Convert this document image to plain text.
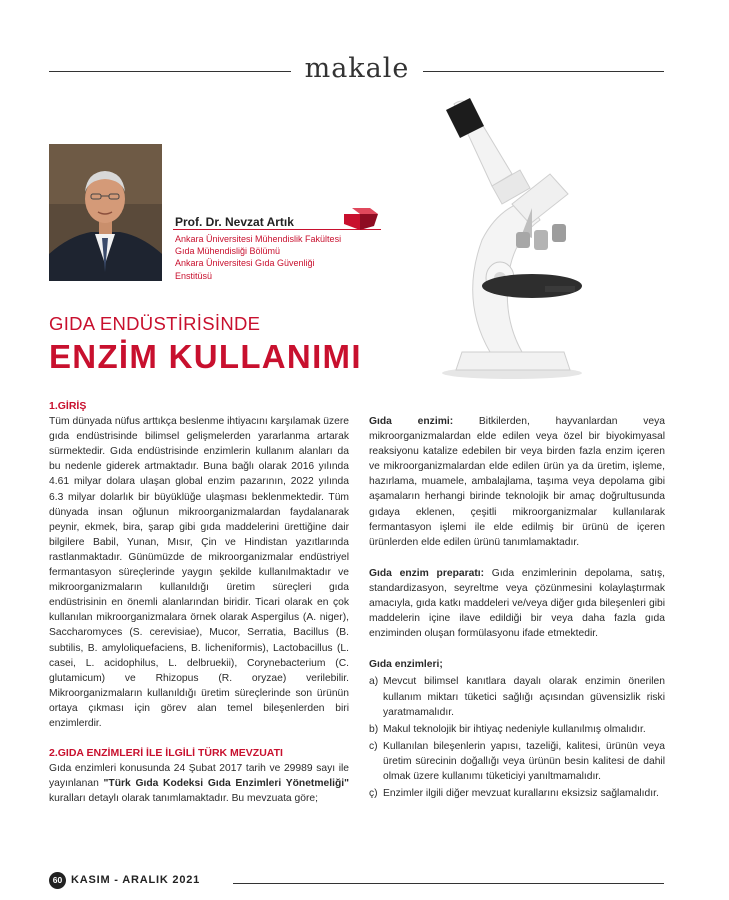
makale
Prof. Dr. Nevzat Artık
Ankara Üniversitesi Mühendislik Fakültesi
Gıda Mühendisliği Bölümü
Ankara Üniversitesi Gıda Güvenliği
Enstitüsü
GIDA ENDÜSTİRİSİNDE
ENZİM KULLANIMI
1.GİRİŞ

Tüm dünyada nüfus arttıkça beslenme ihtiyacını karşılamak üzere gıda endüstrisinde bilimsel gelişmelerden yararlanma artarak sürmektedir. Gıda endüstrisinde enzimlerin kullanım alanları da bu nedenle giderek artmaktadır. Buna bağlı olarak 2016 yılında 4.61 milyar dolara ulaşan global enzim pazarının, 2022 yılında 6.3 milyar dolarlık bir büyüklüğe ulaşması beklenmektedir. Tüm dünyada insan oğlunun mikroorganizmalardan faydalanarak peynir, ekmek, bira, şarap gibi gıda maddelerini ürettiğine dair bilgilere Babil, Yunan, Mısır, Çin ve Hindistan yazıtlarında rastlanmaktadır. Günümüzde de mikroorganizmalar endüstriyel fermantasyon süreçlerinde yaygın şekilde kullanılmaktadır ve mikroorganizmaların kullanıldığı üretim süreçleri gıda endüstrisinin en önemli alanlarından biridir. Ticari olarak en çok kullanılan mikroorganizmalara örnek olarak Aspergilus (A. niger), Saccharomyces (S. cerevisiae), Mucor, Serratia, Bacillus (B. subtilis, B. amyloliquefaciens, B. licheniformis), Lactobacillus (L. casei, L. acidophilus, L. delbruekii), Corynebacterium (C. glutamicum) ve Rhizopus (R. oryzae) verilebilir. Mikroorganizmaların kullanıldığı üretim süreçlerinde son ürünün ortaya çıkması için görev alan temel bileşenlerden biri enzimlerdir.

2.GIDA ENZİMLERİ İLE İLGİLİ TÜRK MEVZUATI

Gıda enzimleri konusunda 24 Şubat 2017 tarih ve 29989 sayı ile yayınlanan "Türk Gıda Kodeksi Gıda Enzimleri Yönetmeliği" kuralları detaylı olarak tanımlamaktadır. Bu mevzuata göre;

Gıda enzimi: Bitkilerden, hayvanlardan veya mikroorganizmalardan elde edilen veya özel bir biyokimyasal reaksiyonu katalize edebilen bir veya birden fazla enzim içeren ve mikroorganizmalardan elde edilen ürün ya da üretim, işleme, hazırlama, muamele, ambalajlama, taşıma veya depolama gibi aşamaların herhangi birinde teknolojik bir amaç doğrultusunda gıdaya eklenen, çeşitli mikroorganizmalar kullanılarak fermantasyon işlemi ile elde edilmiş bir ürünü de içeren ürünlerden elde edilen ürünü tanımlamaktadır.

Gıda enzim preparatı: Gıda enzimlerinin depolama, satış, standardizasyon, seyreltme veya çözünmesini kolaylaştırmak amacıyla, gıda katkı maddeleri ve/veya diğer gıda bileşenleri gibi maddelerin içine ilave edildiği bir veya daha fazla gıda enziminden oluşan formülasyonu ifade etmektedir.

Gıda enzimleri;
a) Mevcut bilimsel kanıtlara dayalı olarak enzimin önerilen kullanım miktarı tüketici sağlığı açısından güvensizlik riski yaratmamalıdır.
b) Makul teknolojik bir ihtiyaç nedeniyle kullanılmış olmalıdır.
c) Kullanılan bileşenlerin yapısı, tazeliği, kalitesi, ürünün veya üretim sürecinin doğallığı veya ürünün besin kalitesi de dahil olmak üzere kullanımı tüketiciyi yanıltmamalıdır.
ç) Enzimler ilgili diğer mevzuat kurallarını eksizsiz sağlamalıdır.
60 KASIM - ARALIK 2021
